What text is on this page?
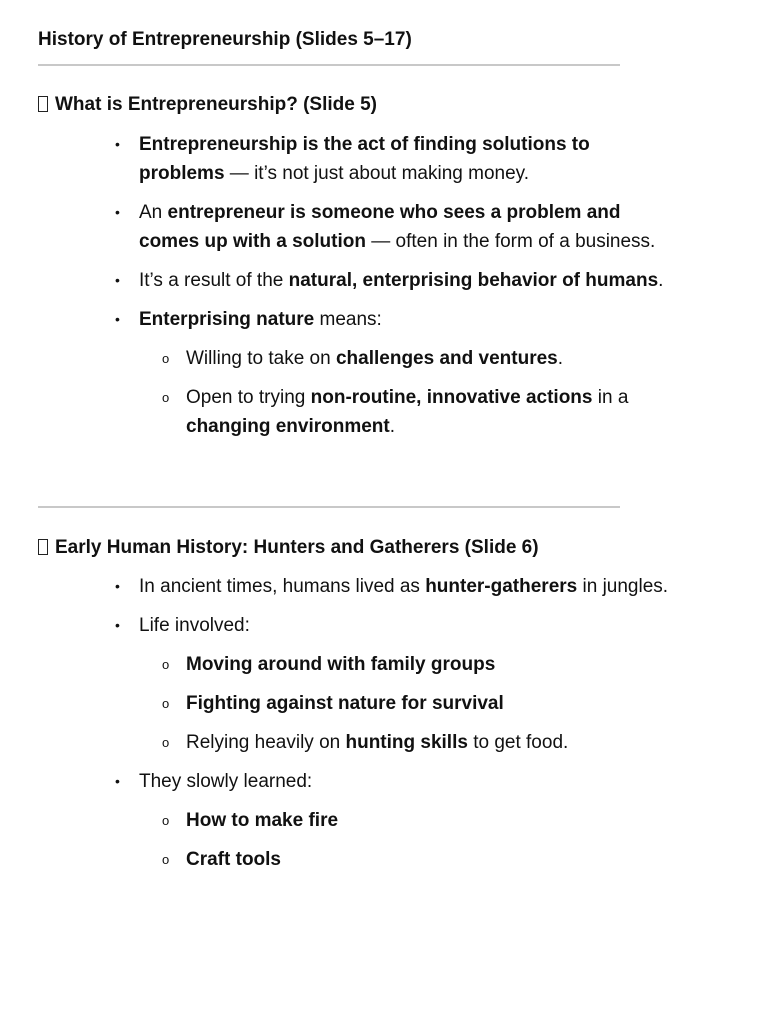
History of Entrepreneurship (Slides 5–17)
What is Entrepreneurship? (Slide 5)
• Entrepreneurship is the act of finding solutions to problems — it’s not just about making money.
• An entrepreneur is someone who sees a problem and comes up with a solution — often in the form of a business.
• It’s a result of the natural, enterprising behavior of humans.
• Enterprising nature means:
o Willing to take on challenges and ventures.
o Open to trying non-routine, innovative actions in a changing environment.
Early Human History: Hunters and Gatherers (Slide 6)
• In ancient times, humans lived as hunter-gatherers in jungles.
• Life involved:
o Moving around with family groups
o Fighting against nature for survival
o Relying heavily on hunting skills to get food.
• They slowly learned:
o How to make fire
o Craft tools
